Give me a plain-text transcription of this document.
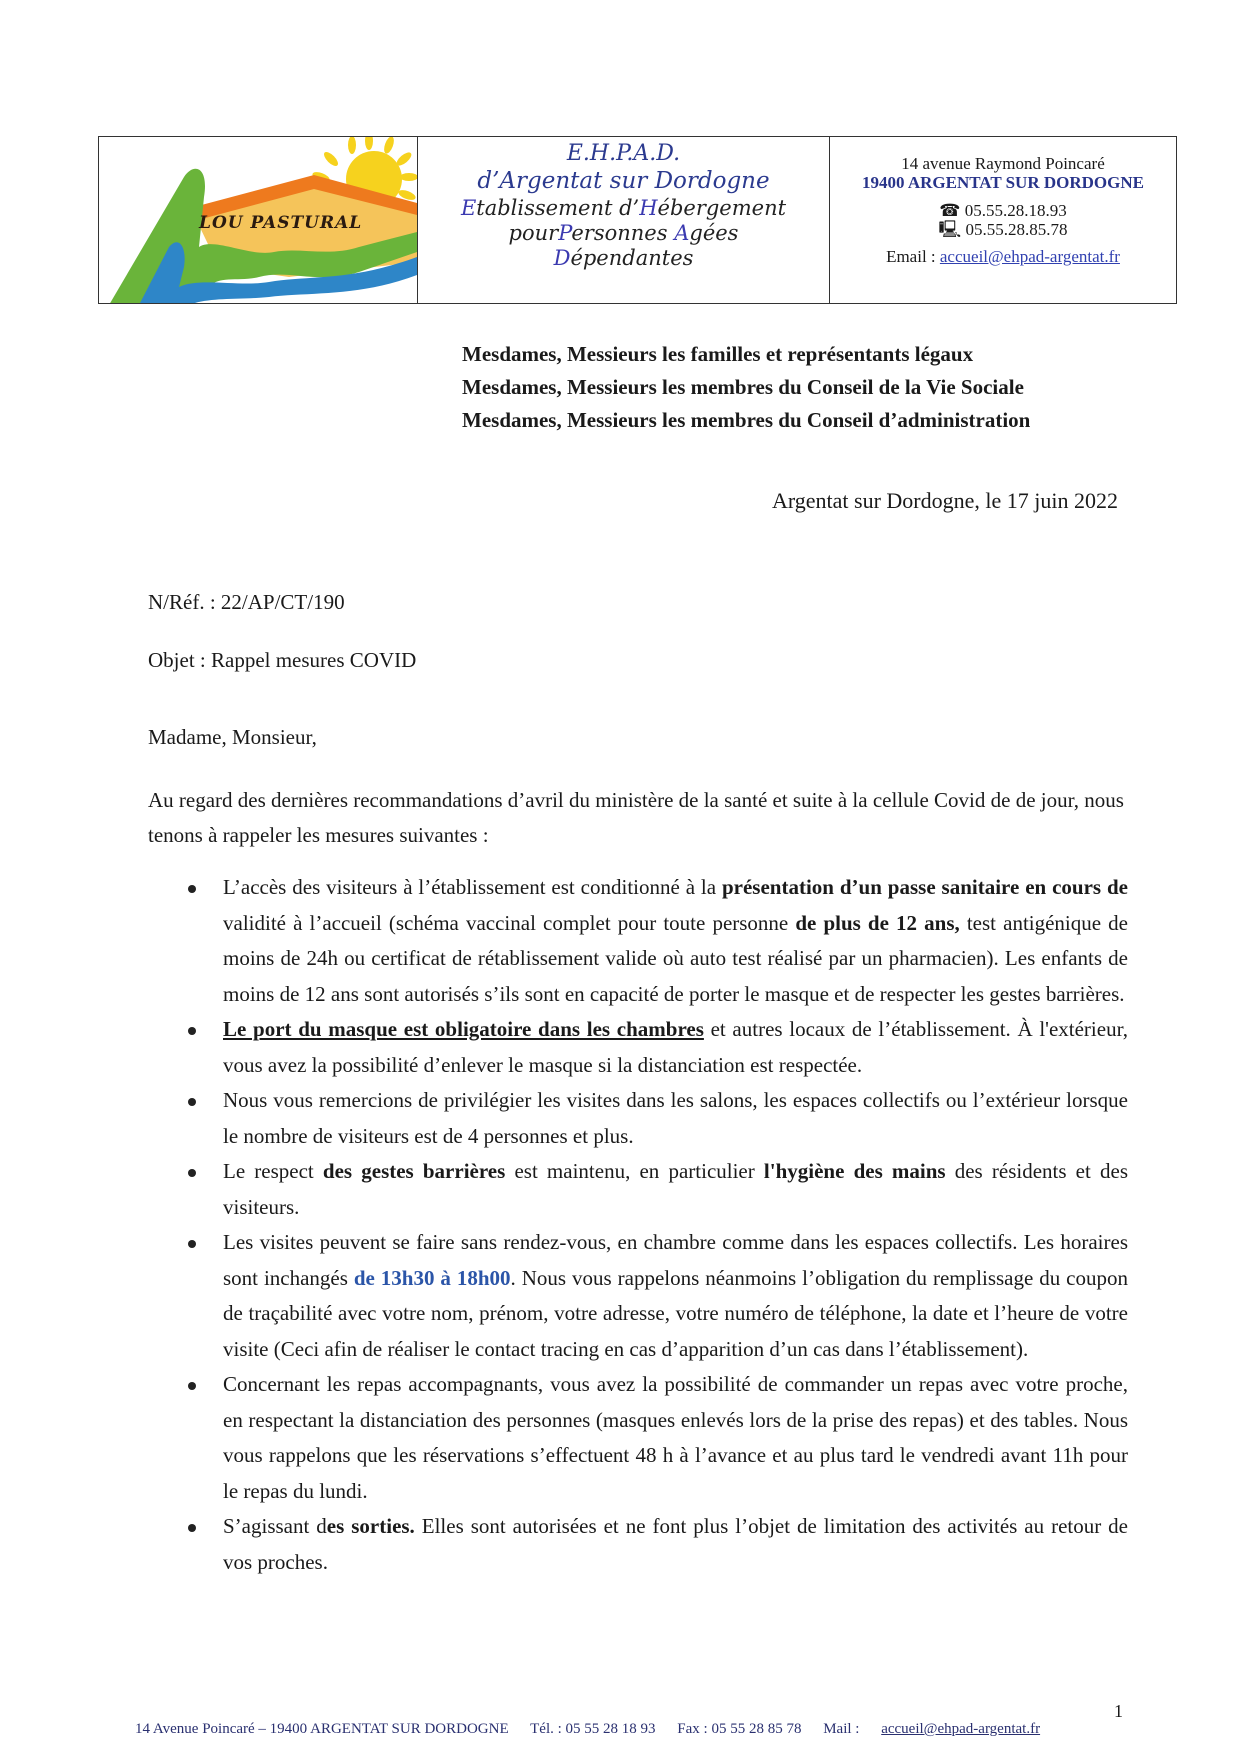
LOU PASTURAL
E.H.P.A.D.
d’Argentat sur Dordogne
Etablissement d’Hébergement
pourPersonnes Agées
Dépendantes
14 avenue Raymond Poincaré
19400 ARGENTAT SUR DORDOGNE
☎ 05.55.28.18.93
🖳 05.55.28.85.78
Email : accueil@ehpad-argentat.fr
Mesdames, Messieurs les familles et représentants légaux
Mesdames, Messieurs les membres du Conseil de la Vie Sociale
Mesdames, Messieurs les membres du Conseil d’administration
Argentat sur Dordogne, le 17 juin 2022
N/Réf. : 22/AP/CT/190
Objet : Rappel mesures COVID
Madame, Monsieur,
Au regard des dernières recommandations d’avril du ministère de la santé et suite à la cellule Covid de de jour, nous tenons à rappeler les mesures suivantes :
L’accès des visiteurs à l’établissement est conditionné à la présentation d’un passe sanitaire en cours de validité à l’accueil (schéma vaccinal complet pour toute personne de plus de 12 ans, test antigénique de moins de 24h ou certificat de rétablissement valide où auto test réalisé par un pharmacien). Les enfants de moins de 12 ans sont autorisés s’ils sont en capacité de porter le masque et de respecter les gestes barrières.
Le port du masque est obligatoire dans les chambres et autres locaux de l’établissement. À l'extérieur, vous avez la possibilité d’enlever le masque si la distanciation est respectée.
Nous vous remercions de privilégier les visites dans les salons, les espaces collectifs ou l’extérieur lorsque le nombre de visiteurs est de 4 personnes et plus.
Le respect des gestes barrières est maintenu, en particulier l'hygiène des mains des résidents et des visiteurs.
Les visites peuvent se faire sans rendez-vous, en chambre comme dans les espaces collectifs. Les horaires sont inchangés de 13h30 à 18h00. Nous vous rappelons néanmoins l’obligation du remplissage du coupon de traçabilité avec votre nom, prénom, votre adresse, votre numéro de téléphone, la date et l’heure de votre visite (Ceci afin de réaliser le contact tracing en cas d’apparition d’un cas dans l’établissement).
Concernant les repas accompagnants, vous avez la possibilité de commander un repas avec votre proche, en respectant la distanciation des personnes (masques enlevés lors de la prise des repas) et des tables. Nous vous rappelons que les réservations s’effectuent 48 h à l’avance et au plus tard le vendredi avant 11h pour le repas du lundi.
S’agissant des sorties. Elles sont autorisées et ne font plus l’objet de limitation des activités au retour de vos proches.
1
14 Avenue Poincaré – 19400 ARGENTAT SUR DORDOGNE Tél. : 05 55 28 18 93 Fax : 05 55 28 85 78 Mail : accueil@ehpad-argentat.fr
